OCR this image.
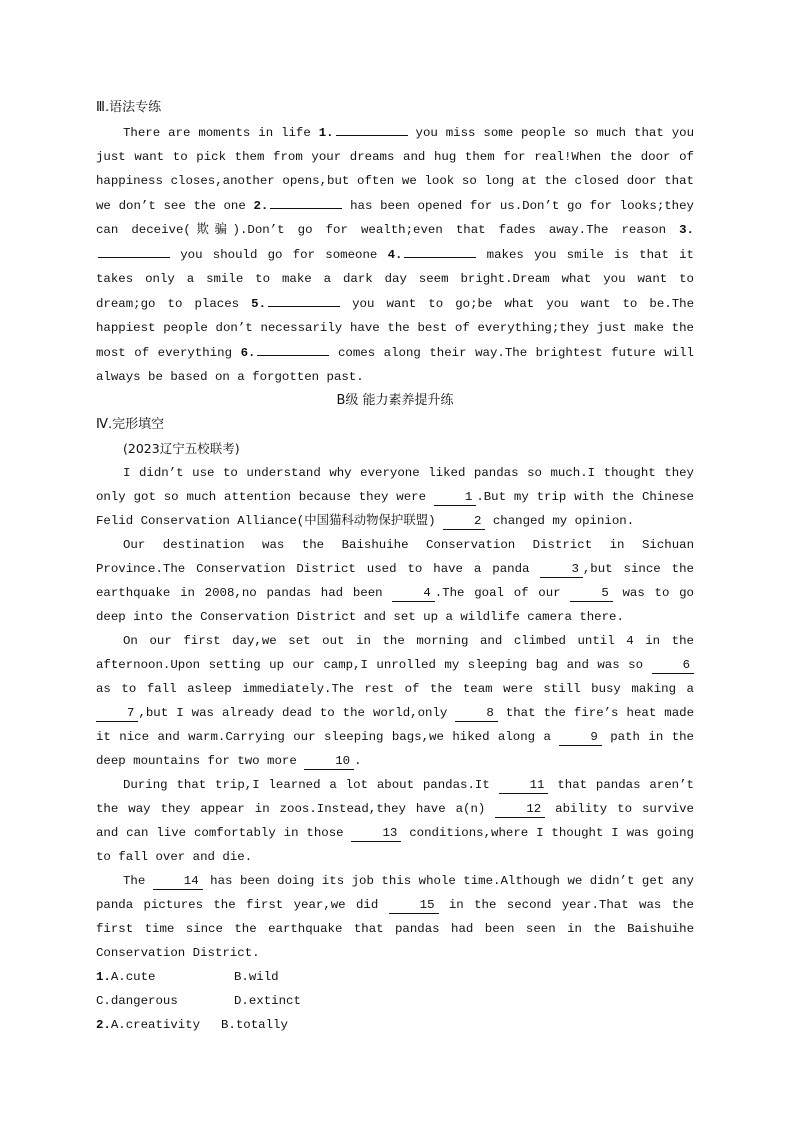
Ⅲ.语法专练
There are moments in life 1.	you miss some people so much that you just want to pick them from your dreams and hug them for real!When the door of happiness closes,another opens,but often we look so long at the closed door that we don’t see the one 2.	has been opened for us.Don’t go for looks;they can deceive(欺骗).Don’t go for wealth;even that fades away.The reason 3. you should go for someone 4.	makes you smile is that it takes only a smile to make a dark day seem bright.Dream what you want to dream;go to places 5.	you want to go;be what you want to be.The happiest people don’t necessarily have the best of everything;they just make the most of everything 6.	comes along their way.The brightest future will always be based on a forgotten past.
B级 能力素养提升练
Ⅳ.完形填空
(2023辽宁五校联考)
I didn’t use to understand why everyone liked pandas so much.I thought they only got so much attention because they were	1 .But my trip with the Chinese Felid Conservation Alliance(中国猫科动物保护联盟)	2 changed my opinion.
Our destination was the Baishuihe Conservation District in Sichuan Province.The Conservation District used to have a panda	3 ,but since the earthquake in 2008,no pandas had been	4 .The goal of our	5 was to go deep into the Conservation District and set up a wildlife camera there.
On our first day,we set out in the morning and climbed until 4 in the afternoon.Upon setting up our camp,I unrolled my sleeping bag and was so	6 as to fall asleep immediately.The rest of the team were still busy making a 7 ,but I was already dead to the world,only	8 that the fire’s heat made it nice and warm.Carrying our sleeping bags,we hiked along a	9 path in the deep mountains for two more	10 .
During that trip,I learned a lot about pandas.It	11 that pandas aren’t the way they appear in zoos.Instead,they have a(n)	12 ability to survive and can live comfortably in those	13 conditions,where I thought I was going to fall over and die.
The	14 has been doing its job this whole time.Although we didn’t get any panda pictures the first year,we did	15 in the second year.That was the first time since the earthquake that pandas had been seen in the Baishuihe Conservation District.
1.A.cute	B.wild
C.dangerous	D.extinct
2.A.creativity	B.totally
